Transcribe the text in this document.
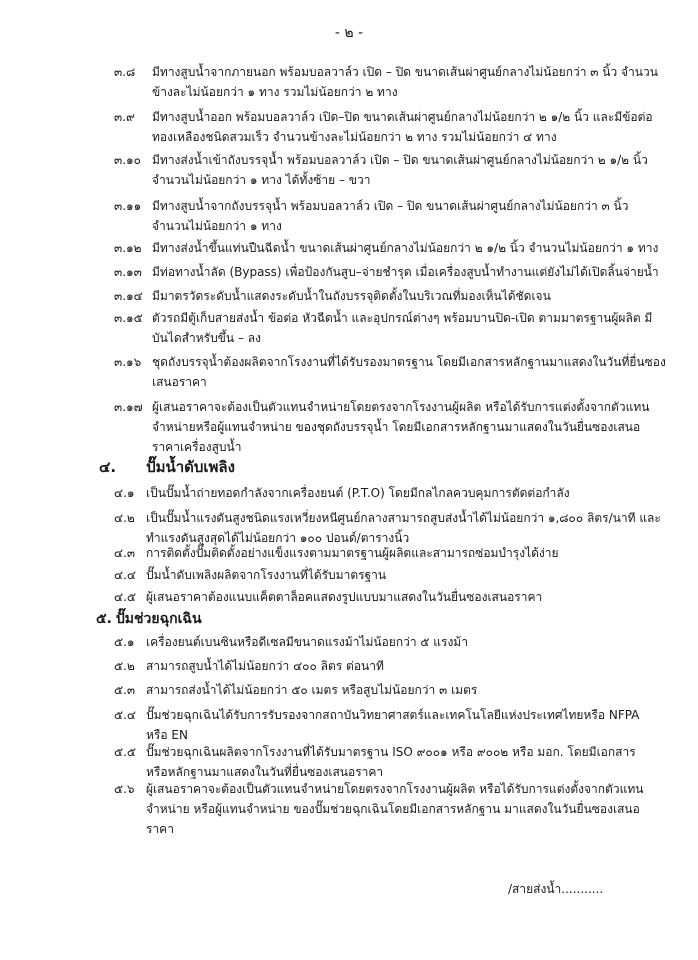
- ๒ -
๓.๘ มีทางสูบน้ำจากภายนอก พร้อมบอลวาล์ว เปิด – ปิด ขนาดเส้นผ่าศูนย์กลางไม่น้อยกว่า ๓ นิ้ว จำนวน
ข้างละไม่น้อยกว่า ๑ ทาง รวมไม่น้อยกว่า ๒ ทาง
๓.๙ มีทางสูบน้ำออก พร้อมบอลวาล์ว เปิด–ปิด ขนาดเส้นผ่าศูนย์กลางไม่น้อยกว่า ๒ ๑/๒ นิ้ว และมีข้อต่อ
ทองเหลืองชนิดสวมเร็ว จำนวนข้างละไม่น้อยกว่า ๒ ทาง รวมไม่น้อยกว่า ๔ ทาง
๓.๑๐ มีทางส่งน้ำเข้าถังบรรจุน้ำ พร้อมบอลวาล์ว เปิด – ปิด ขนาดเส้นผ่าศูนย์กลางไม่น้อยกว่า ๒ ๑/๒ นิ้ว
จำนวนไม่น้อยกว่า ๑ ทาง ได้ทั้งซ้าย – ขวา
๓.๑๑ มีทางสูบน้ำจากถังบรรจุน้ำ พร้อมบอลวาล์ว เปิด – ปิด ขนาดเส้นผ่าศูนย์กลางไม่น้อยกว่า ๓ นิ้ว
จำนวนไม่น้อยกว่า ๑ ทาง
๓.๑๒ มีทางส่งน้ำขึ้นแท่นปืนฉีดน้ำ ขนาดเส้นผ่าศูนย์กลางไม่น้อยกว่า ๒ ๑/๒ นิ้ว จำนวนไม่น้อยกว่า ๑ ทาง
๓.๑๓ มีท่อทางน้ำลัด (Bypass) เพื่อป้องกันสูบ–จ่ายชำรุด เมื่อเครื่องสูบน้ำทำงานแต่ยังไม่ได้เปิดลิ้นจ่ายน้ำ
๓.๑๔ มีมาตรวัดระดับน้ำแสดงระดับน้ำในถังบรรจุติดตั้งในบริเวณที่มองเห็นได้ชัดเจน
๓.๑๕ ตัวรถมีตู้เก็บสายส่งน้ำ ข้อต่อ หัวฉีดน้ำ และอุปกรณ์ต่างๆ พร้อมบานปิด-เปิด ตามมาตรฐานผู้ผลิต มี
บันไดสำหรับขึ้น – ลง
๓.๑๖ ชุดถังบรรจุน้ำต้องผลิตจากโรงงานที่ได้รับรองมาตรฐาน โดยมีเอกสารหลักฐานมาแสดงในวันที่ยื่นซอง
เสนอราคา
๓.๑๗ ผู้เสนอราคาจะต้องเป็นตัวแทนจำหน่ายโดยตรงจากโรงงานผู้ผลิต หรือได้รับการแต่งตั้งจากตัวแทน
จำหน่ายหรือผู้แทนจำหน่าย ของชุดถังบรรจุน้ำ โดยมีเอกสารหลักฐานมาแสดงในวันยื่นซองเสนอ
ราคาเครื่องสูบน้ำ
๔. ปั๊มน้ำดับเพลิง
๔.๑ เป็นปั๊มน้ำถ่ายทอดกำลังจากเครื่องยนต์ (P.T.O) โดยมีกลไกลควบคุมการตัดต่อกำลัง
๔.๒ เป็นปั๊มน้ำแรงดันสูงชนิดแรงเหวี่ยงหนีศูนย์กลางสามารถสูบส่งน้ำได้ไม่น้อยกว่า ๑,๘๐๐ ลิตร/นาที และ
ทำแรงดันสูงสุดได้ไม่น้อยกว่า ๑๐๐ ปอนด์/ตารางนิ้ว
๔.๓ การติดตั้งปั๊มติดตั้งอย่างแข็งแรงตามมาตรฐานผู้ผลิตและสามารถซ่อมบำรุงได้ง่าย
๔.๔ ปั๊มน้ำดับเพลิงผลิตจากโรงงานที่ได้รับมาตรฐาน
๔.๕ ผู้เสนอราคาต้องแนบแค็ตตาล็อคแสดงรูปแบบมาแสดงในวันยื่นซองเสนอราคา
๕. ปั๊มช่วยฉุกเฉิน
๕.๑ เครื่องยนต์เบนซินหรือดีเซลมีขนาดแรงม้าไม่น้อยกว่า ๕ แรงม้า
๕.๒ สามารถสูบน้ำได้ไม่น้อยกว่า ๔๐๐ ลิตร ต่อนาที
๕.๓ สามารถส่งน้ำได้ไม่น้อยกว่า ๕๐ เมตร หรือสูบไม่น้อยกว่า ๓ เมตร
๕.๔ ปั๊มช่วยฉุกเฉินได้รับการรับรองจากสถาบันวิทยาศาสตร์และเทคโนโลยีแห่งประเทศไทยหรือ NFPA
หรือ EN
๕.๕ ปั๊มช่วยฉุกเฉินผลิตจากโรงงานที่ได้รับมาตรฐาน ISO ๙๐๐๑ หรือ ๙๐๐๒ หรือ มอก. โดยมีเอกสาร
หรือหลักฐานมาแสดงในวันที่ยื่นซองเสนอราคา
๕.๖ ผู้เสนอราคาจะต้องเป็นตัวแทนจำหน่ายโดยตรงจากโรงงานผู้ผลิต หรือได้รับการแต่งตั้งจากตัวแทน
จำหน่าย หรือผู้แทนจำหน่าย ของปั๊มช่วยฉุกเฉินโดยมีเอกสารหลักฐาน มาแสดงในวันยื่นซองเสนอ
ราคา
/สายส่งน้ำ...........
